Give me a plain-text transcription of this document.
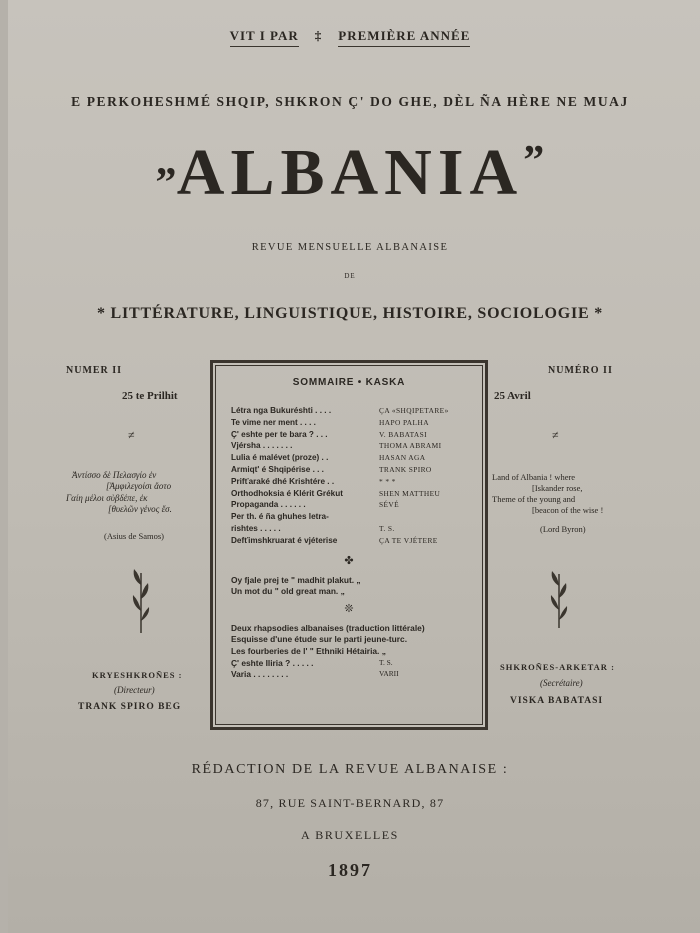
VIT I PAR ‡ PREMIÈRE ANNÉE
E PERKOHESHMÉ SHQIP, SHKRON Ç' DO GHE, DÈL ÑA HÈRE NE MUAJ
„ALBANIA”
REVUE MENSUELLE ALBANAISE
DE
* LITTÉRATURE, LINGUISTIQUE, HISTOIRE, SOCIOLOGIE *
NUMER II
25 te Prilhit
≠
Ἀντίσσο δὲ Πελασγίο ἐν
[Ἀμφιλεγοίσι ἄοτο
Γαίη μέλοι σὺβδέπε, ἐκ
[θυελῶν γένος ἔσ.
(Asius de Samos)
KRYESHKROÑES :
(Directeur)
TRANK SPIRO BEG
NUMÉRO II
25 Avril
≠
Land of Albania ! where
[Iskander rose,
Theme of the young and
[beacon of the wise !
(Lord Byron)
SHKROÑES-ARKETAR :
(Secrétaire)
VISKA BABATASI
SOMMAIRE • KASKA
Létra nga Bukuréshti . . . .	ÇA «SHQIPETARE»
Te vime ner ment . . . .	HAPO PALHA
Ç' eshte per te bara ? . . .	V. BABATASI
Vjérsha . . . . . . .	THOMA ABRAMI
Lulia é malévet (proze) . .	HASAN AGA
Armiqt' é Shqipérise . . .	TRANK SPIRO
Prifťaraké dhé Krishtére . .	* * *
Orthodhoksia é Klérit Grékut	SHEN MATTHEU
Propaganda . . . . . .	SÉVÉ
Per th. é ña ghuhes letra-
rishtes . . . . .	T. S.
Defťimshkruarat é vjéterise	ÇA TE VJÉTERE
✤
Oy fjale prej te " madhit plakut. „
Un mot du " old great man. „
❊
Deux rhapsodies albanaises (traduction littérale)
Esquisse d'une étude sur le parti jeune-turc.
Les fourberies de l' " Ethniki Hétairia. „
Ç' eshte Iliria ? . . . . .	T. S.
Varia . . . . . . . .	VARII
RÉDACTION DE LA REVUE ALBANAISE :
87, RUE SAINT-BERNARD, 87
A BRUXELLES
1897
